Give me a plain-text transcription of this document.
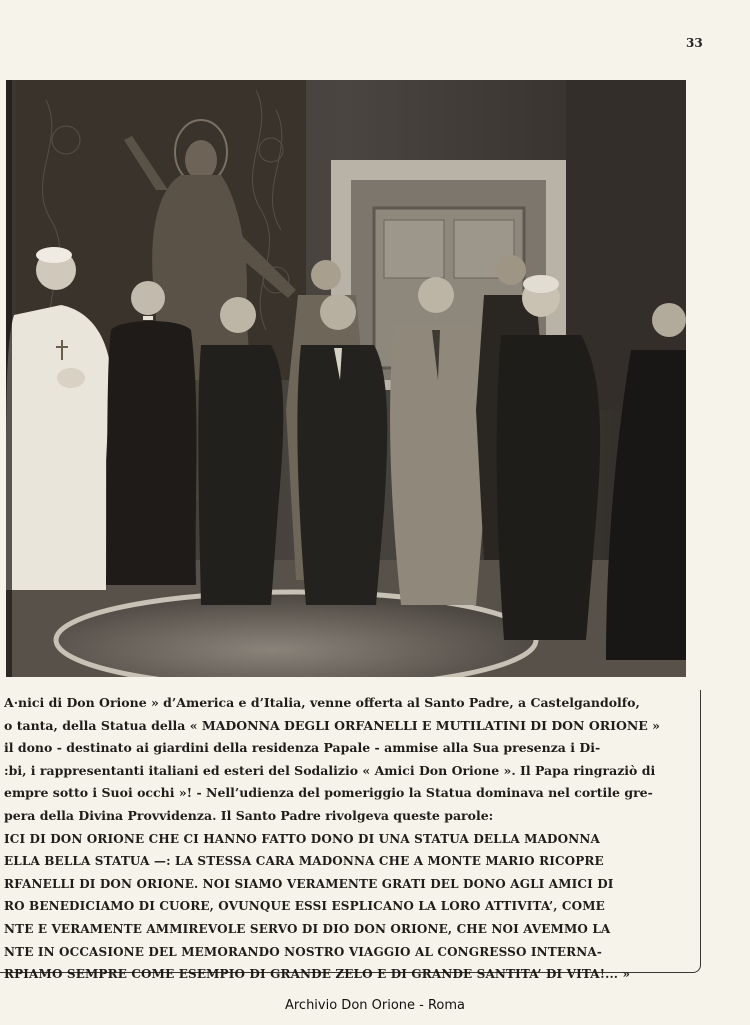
33

A·nici di Don Orione » d’America e d’Italia, venne offerta al Santo Padre, a Castelgandolfo,
o tanta, della Statua della « MADONNA DEGLI ORFANELLI E MUTILATINI DI DON ORIONE »
il dono - destinato ai giardini della residenza Papale - ammise alla Sua presenza i Di-
:bi, i rappresentanti italiani ed esteri del Sodalizio « Amici Don Orione ». Il Papa ringraziò di
empre sotto i Suoi occhi »! - Nell’udienza del pomeriggio la Statua dominava nel cortile gre-
pera della Divina Provvidenza. Il Santo Padre rivolgeva queste parole:
ICI DI DON ORIONE CHE CI HANNO FATTO DONO DI UNA STATUA DELLA MADONNA
ELLA BELLA STATUA —: LA STESSA CARA MADONNA CHE A MONTE MARIO RICOPRE
RFANELLI DI DON ORIONE. NOI SIAMO VERAMENTE GRATI DEL DONO AGLI AMICI DI
RO BENEDICIAMO DI CUORE, OVUNQUE ESSI ESPLICANO LA LORO ATTIVITA’, COME
NTE E VERAMENTE AMMIREVOLE SERVO DI DIO DON ORIONE, CHE NOI AVEMMO LA
NTE IN OCCASIONE DEL MEMORANDO NOSTRO VIAGGIO AL CONGRESSO INTERNA-
RPIAMO SEMPRE COME ESEMPIO DI GRANDE ZELO E DI GRANDE SANTITA’ DI VITA!... »

Archivio Don Orione - Roma
